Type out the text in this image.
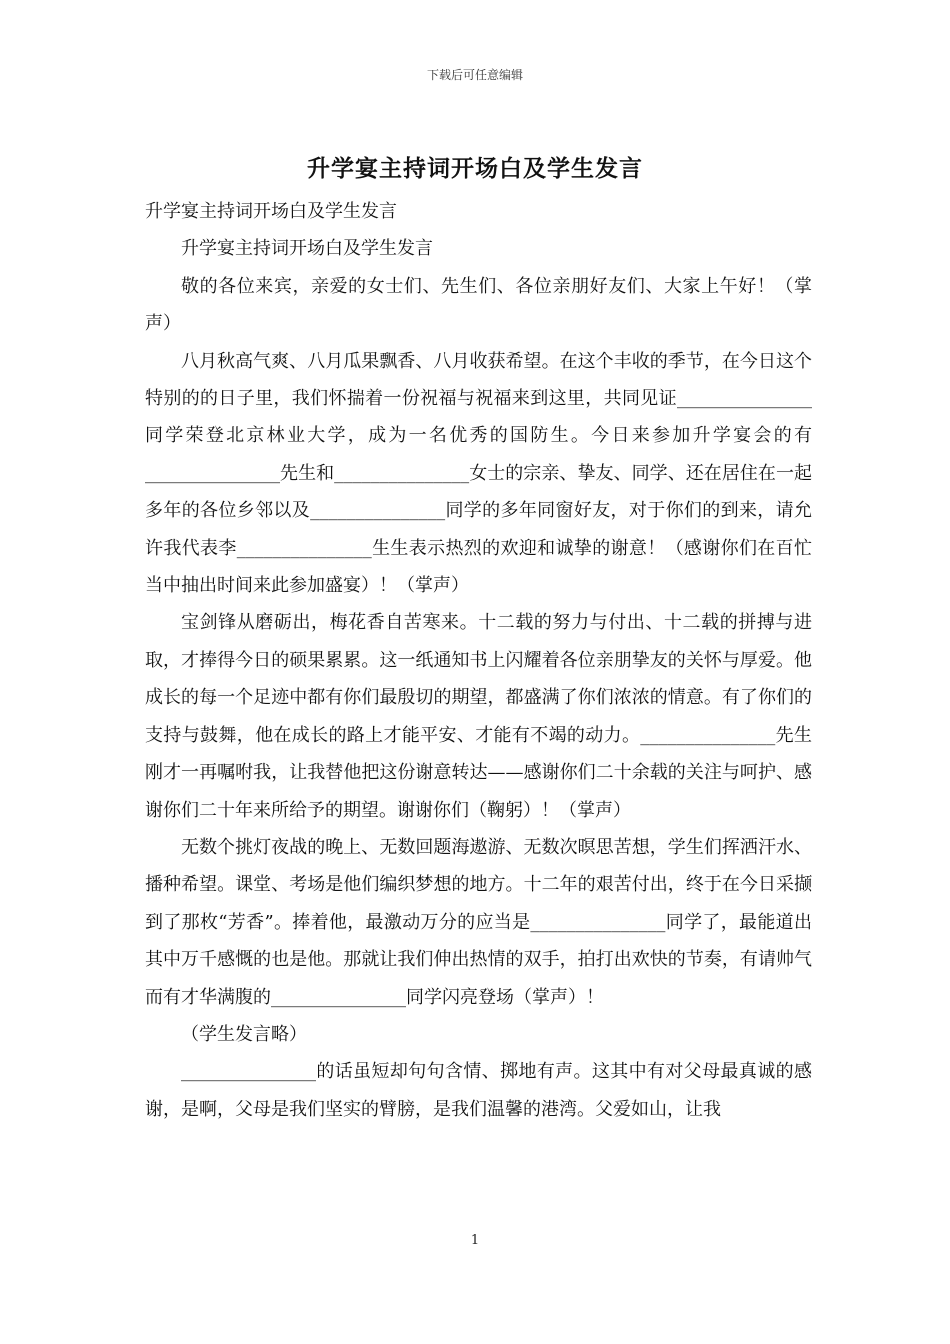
下载后可任意编辑
升学宴主持词开场白及学生发言

升学宴主持词开场白及学生发言

升学宴主持词开场白及学生发言

敬的各位来宾，亲爱的女士们、先生们、各位亲朋好友们、大家上午好！（掌声）

八月秋高气爽、八月瓜果飘香、八月收获希望。在这个丰收的季节，在今日这个特别的的日子里，我们怀揣着一份祝福与祝福来到这里，共同见证_______________同学荣登北京林业大学，成为一名优秀的国防生。今日来参加升学宴会的有_______________先生和_______________女士的宗亲、挚友、同学、还在居住在一起多年的各位乡邻以及_______________同学的多年同窗好友，对于你们的到来，请允许我代表李_______________生生表示热烈的欢迎和诚挚的谢意！（感谢你们在百忙当中抽出时间来此参加盛宴）！（掌声）

宝剑锋从磨砺出，梅花香自苦寒来。十二载的努力与付出、十二载的拼搏与进取，才捧得今日的硕果累累。这一纸通知书上闪耀着各位亲朋挚友的关怀与厚爱。他成长的每一个足迹中都有你们最殷切的期望，都盛满了你们浓浓的情意。有了你们的支持与鼓舞，他在成长的路上才能平安、才能有不竭的动力。_______________先生刚才一再嘱咐我，让我替他把这份谢意转达——感谢你们二十余载的关注与呵护、感谢你们二十年来所给予的期望。谢谢你们（鞠躬）！（掌声）

无数个挑灯夜战的晚上、无数回题海遨游、无数次暝思苦想，学生们挥洒汗水、播种希望。课堂、考场是他们编织梦想的地方。十二年的艰苦付出，终于在今日采撷到了那枚“芳香”。捧着他，最激动万分的应当是_______________同学了，最能道出其中万千感慨的也是他。那就让我们伸出热情的双手，拍打出欢快的节奏，有请帅气而有才华满腹的_______________同学闪亮登场（掌声）！

（学生发言略）

_______________的话虽短却句句含情、掷地有声。这其中有对父母最真诚的感谢，是啊，父母是我们坚实的臂膀，是我们温馨的港湾。父爱如山，让我

1
